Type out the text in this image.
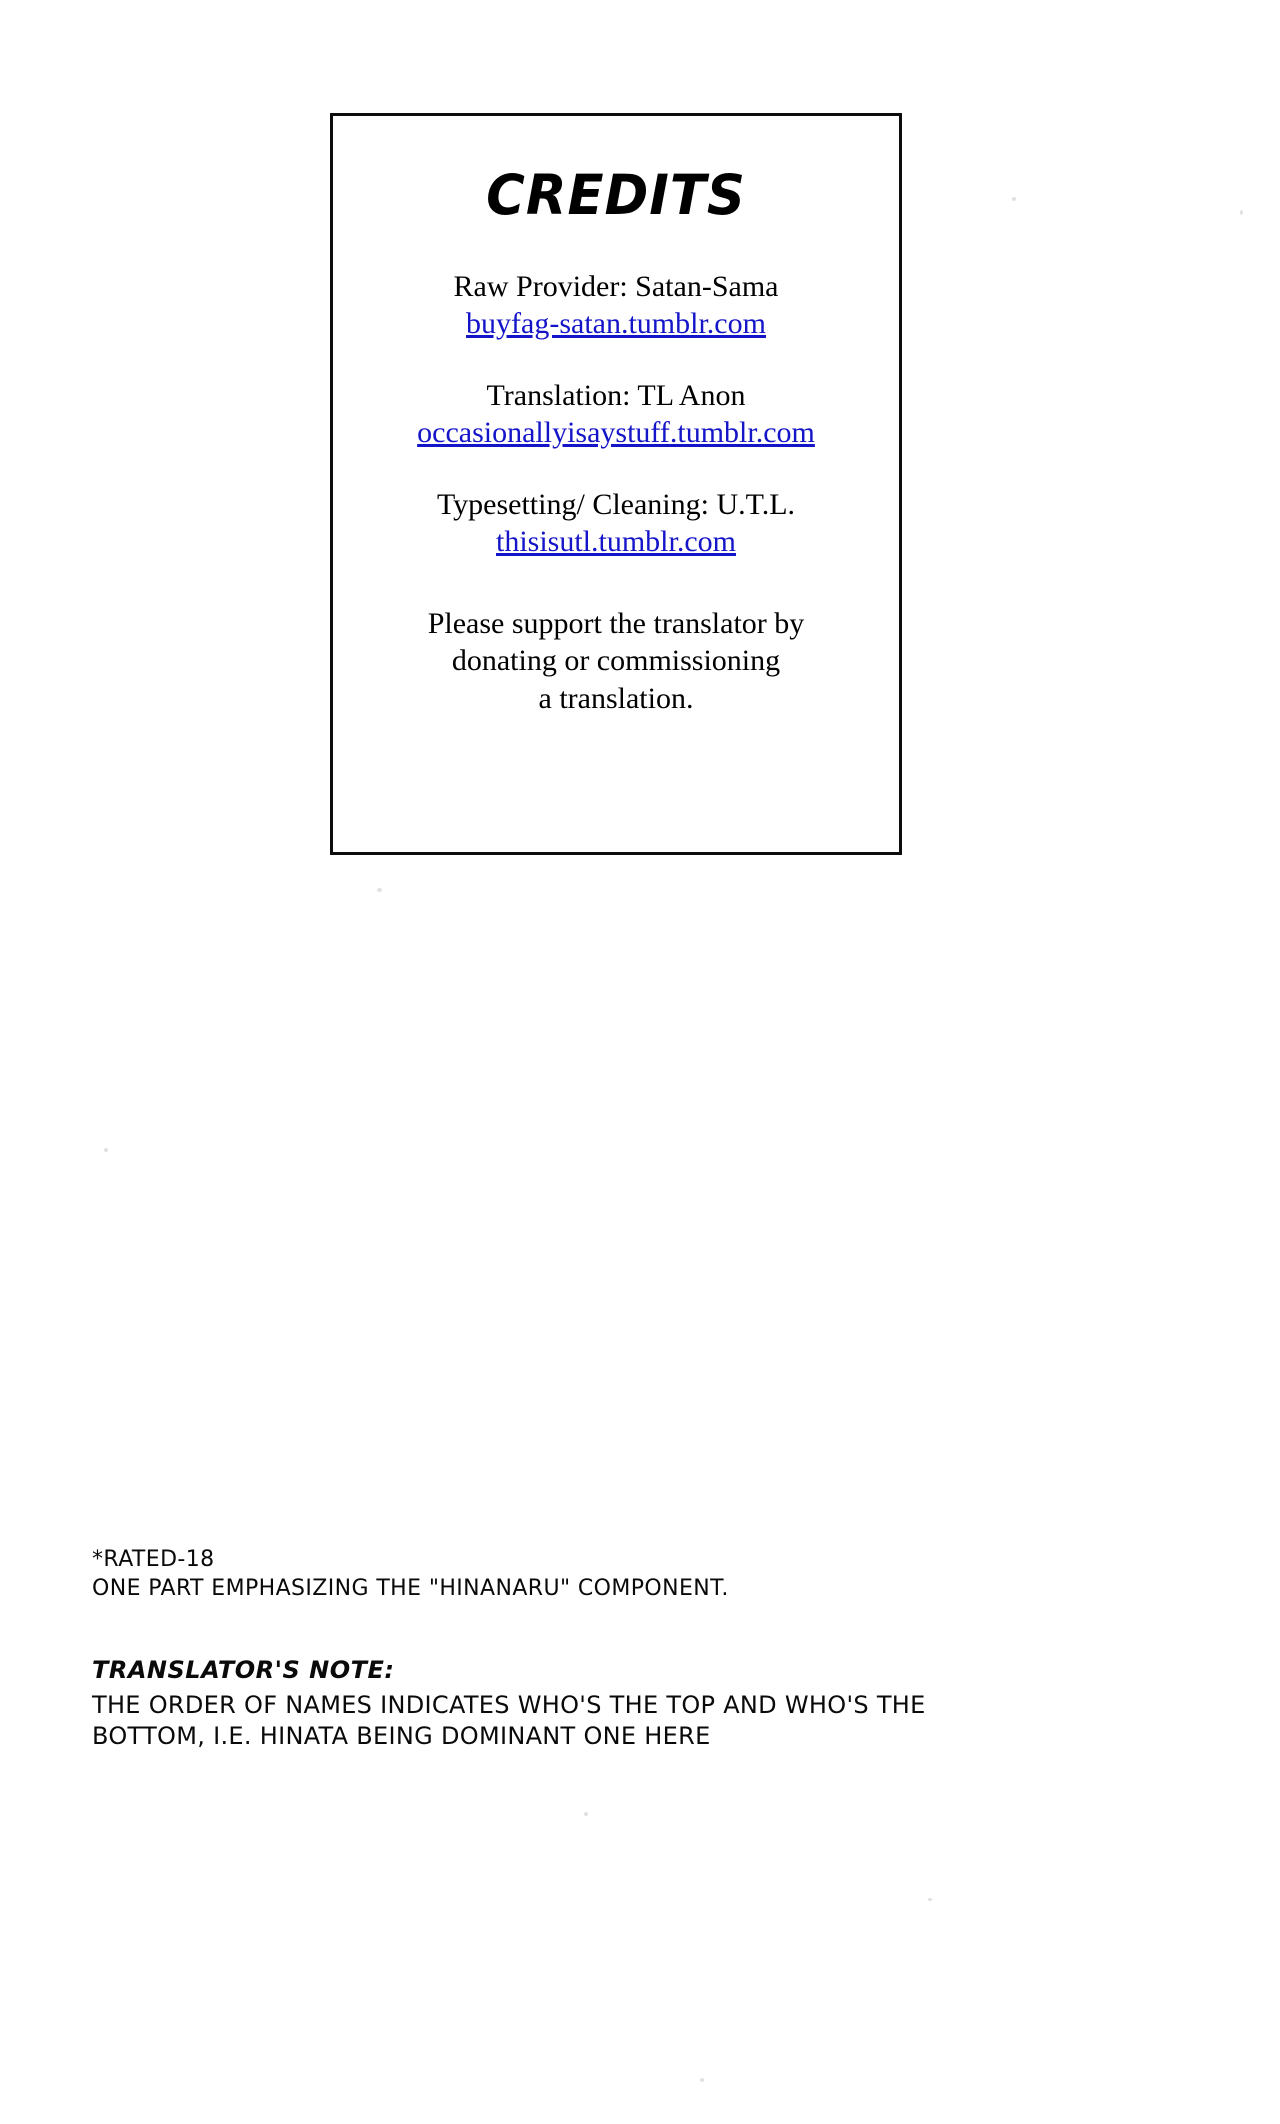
CREDITS
Raw Provider: Satan-Sama
buyfag-satan.tumblr.com
Translation: TL Anon
occasionallyisaystuff.tumblr.com
Typesetting/ Cleaning: U.T.L.
thisisutl.tumblr.com
Please support the translator by
donating or commissioning
a translation.
*RATED-18
ONE PART EMPHASIZING THE "HINANARU" COMPONENT.
TRANSLATOR'S NOTE:
THE ORDER OF NAMES INDICATES WHO'S THE TOP AND WHO'S THE
BOTTOM, I.E. HINATA BEING DOMINANT ONE HERE
